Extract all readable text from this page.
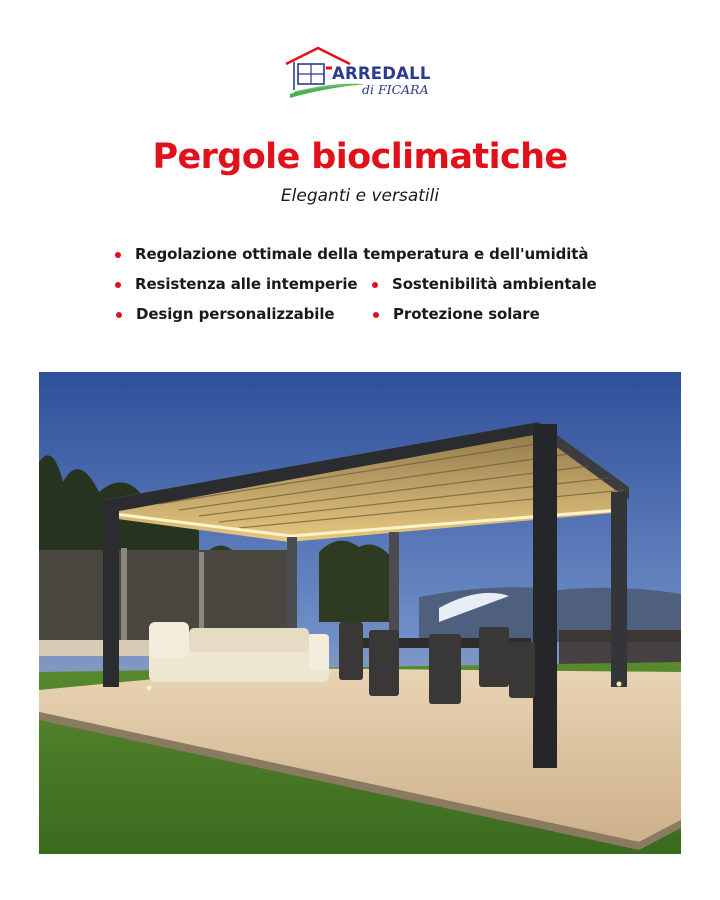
ARREDALL
di FICARA
Pergole bioclimatiche
Eleganti e versatili
Regolazione ottimale della temperatura e dell'umidità
Resistenza alle intemperie Sostenibilità ambientale
Design personalizzabile	Protezione solare
